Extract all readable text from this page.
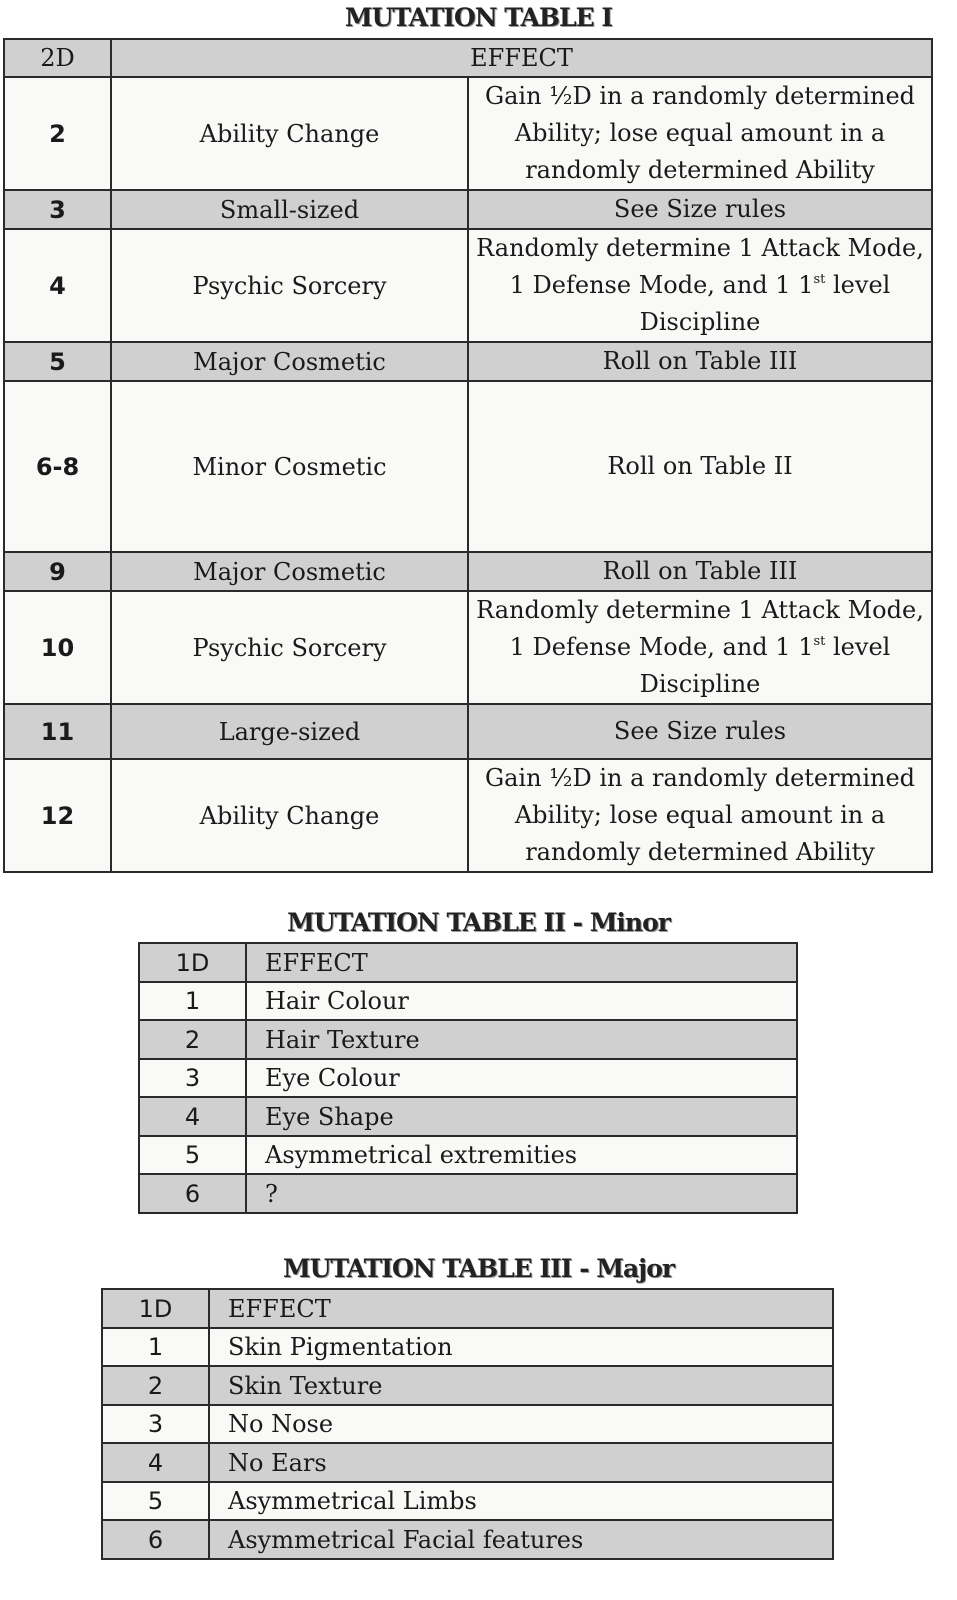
MUTATION TABLE I
2D	EFFECT	
2	Ability Change	Gain ½D in a randomly determined Ability; lose equal amount in a randomly determined Ability
3	Small-sized	See Size rules
4	Psychic Sorcery	Randomly determine 1 Attack Mode, 1 Defense Mode, and 1 1st level Discipline
5	Major Cosmetic	Roll on Table III
6-8	Minor Cosmetic	Roll on Table II
9	Major Cosmetic	Roll on Table III
10	Psychic Sorcery	Randomly determine 1 Attack Mode, 1 Defense Mode, and 1 1st level Discipline
11	Large-sized	See Size rules
12	Ability Change	Gain ½D in a randomly determined Ability; lose equal amount in a randomly determined Ability
MUTATION TABLE II - Minor
1D	EFFECT
1	Hair Colour
2	Hair Texture
3	Eye Colour
4	Eye Shape
5	Asymmetrical extremities
6	?
MUTATION TABLE III - Major
1D	EFFECT
1	Skin Pigmentation
2	Skin Texture
3	No Nose
4	No Ears
5	Asymmetrical Limbs
6	Asymmetrical Facial features
